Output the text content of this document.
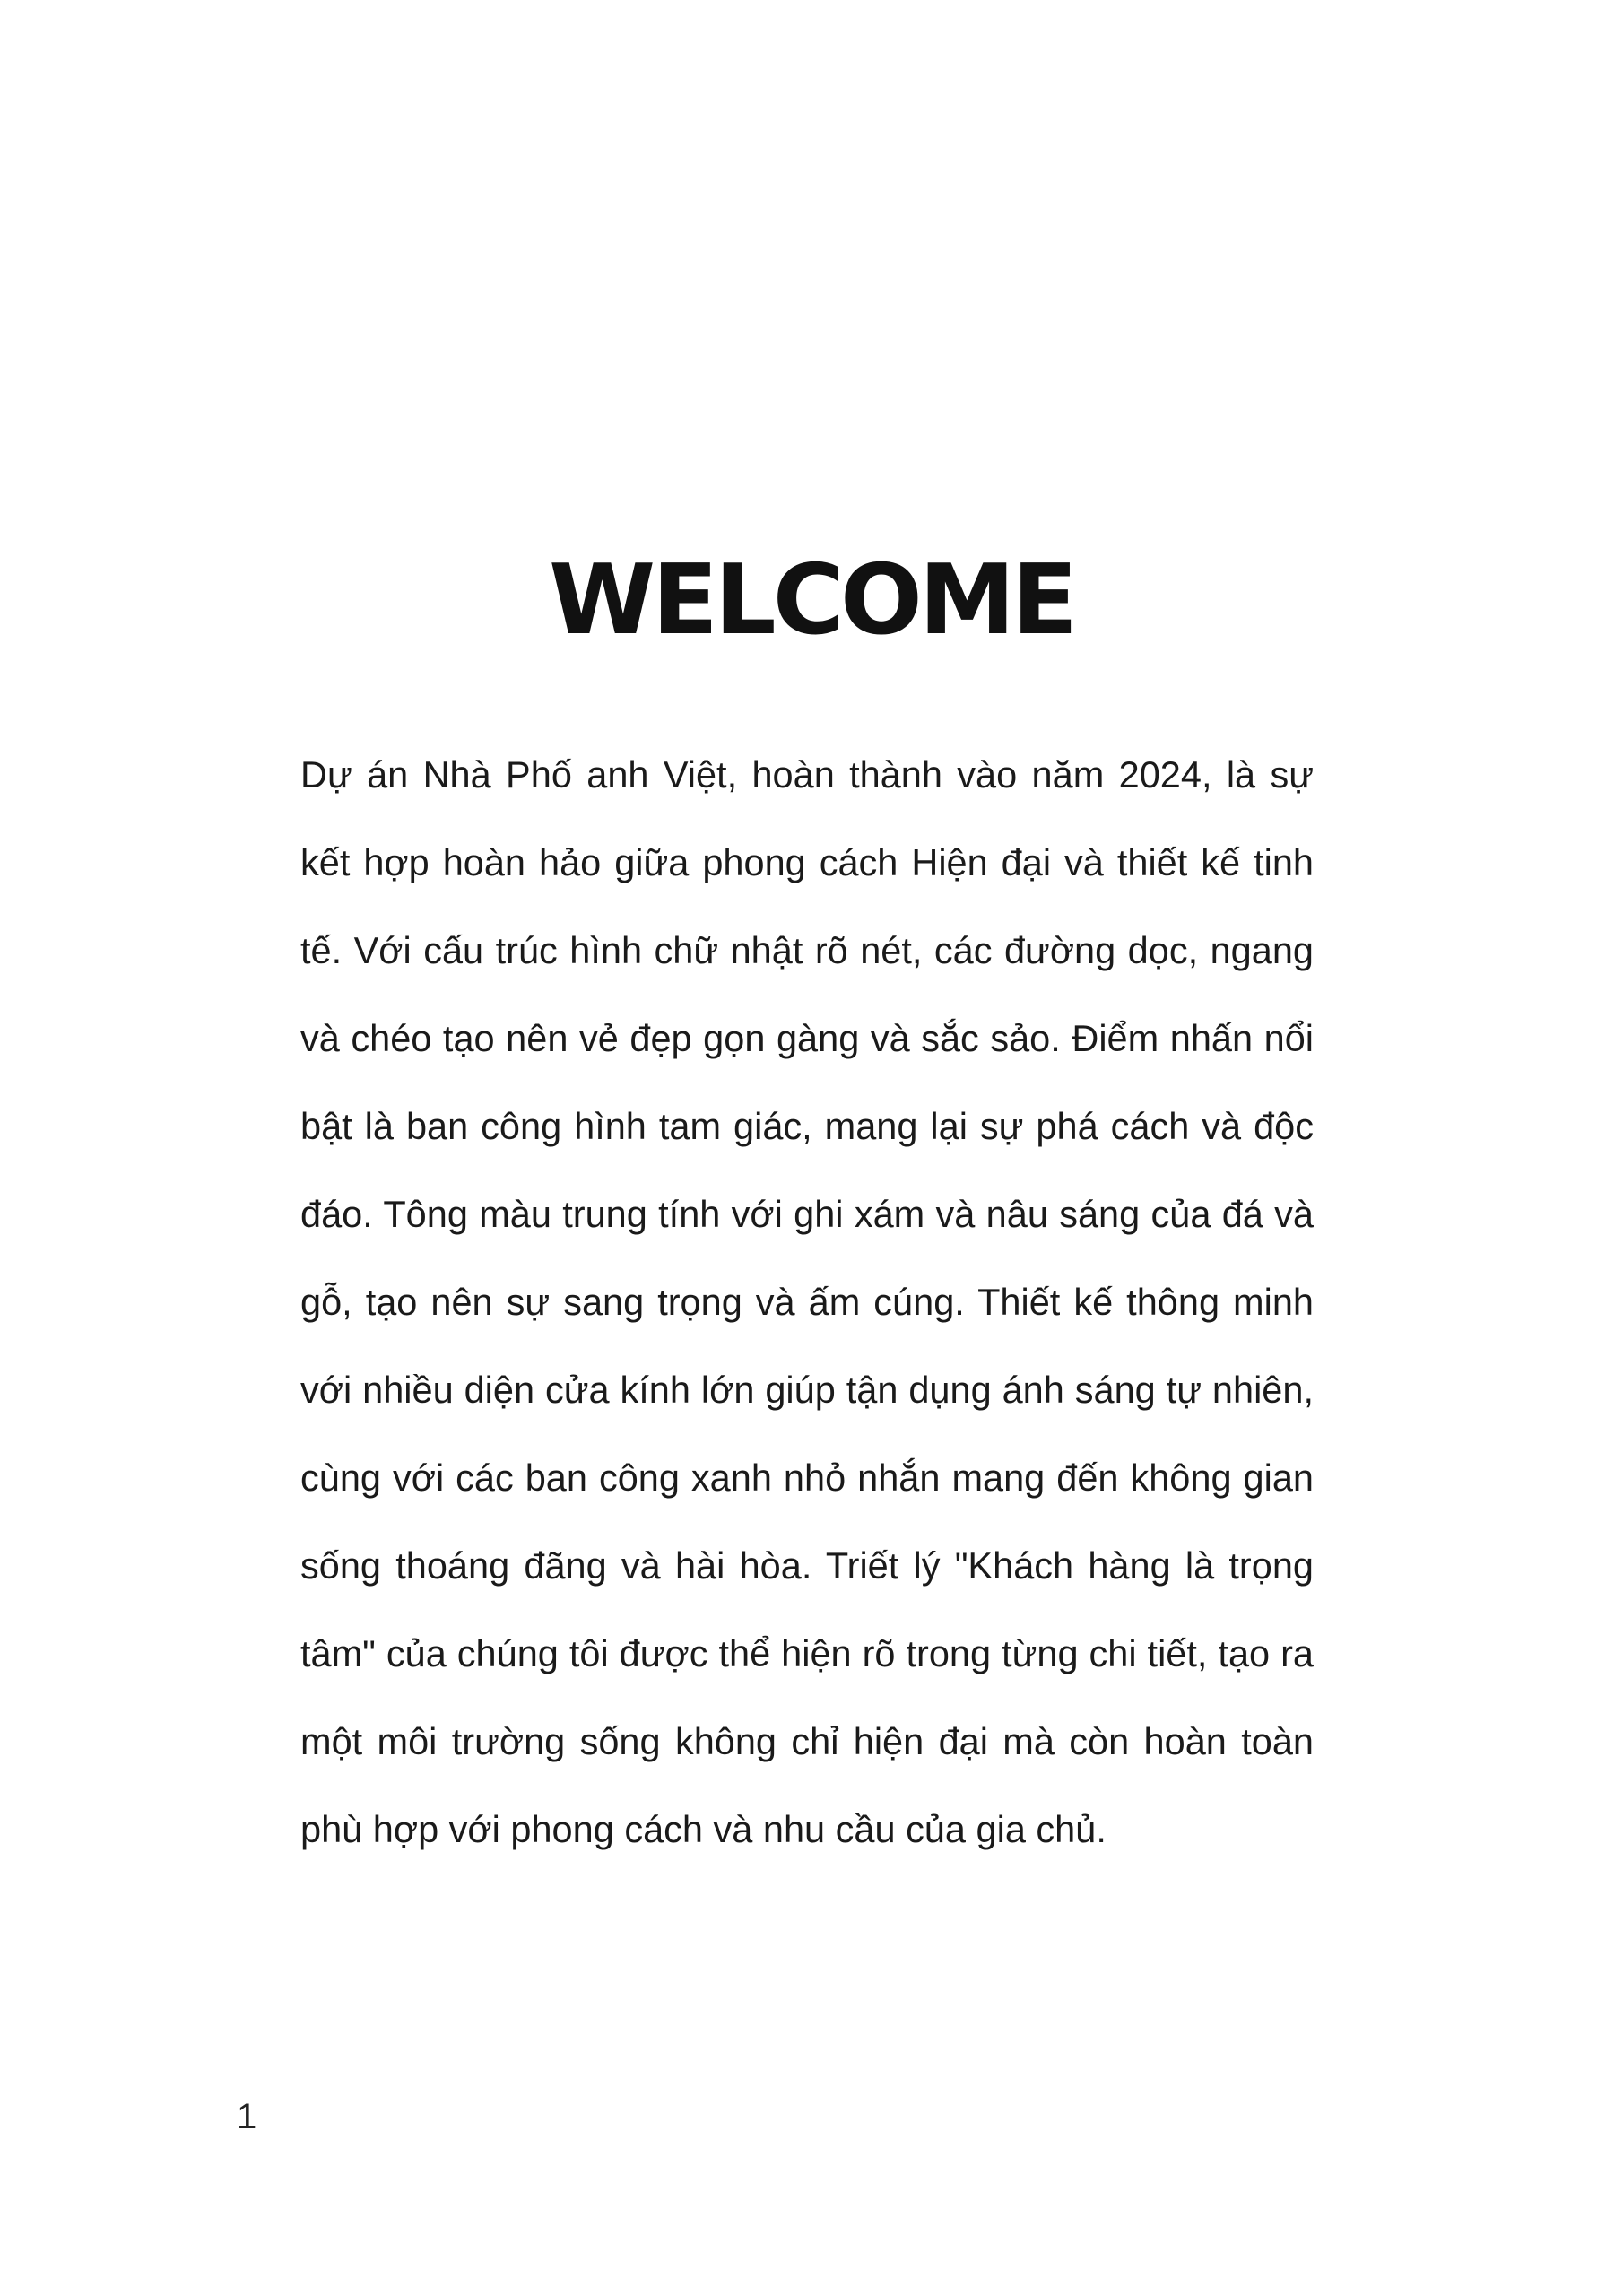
WELCOME

Dự án Nhà Phố anh Việt, hoàn thành vào năm 2024, là sự kết hợp hoàn hảo giữa phong cách Hiện đại và thiết kế tinh tế. Với cấu trúc hình chữ nhật rõ nét, các đường dọc, ngang và chéo tạo nên vẻ đẹp gọn gàng và sắc sảo. Điểm nhấn nổi bật là ban công hình tam giác, mang lại sự phá cách và độc đáo. Tông màu trung tính với ghi xám và nâu sáng của đá và gỗ, tạo nên sự sang trọng và ấm cúng. Thiết kế thông minh với nhiều diện cửa kính lớn giúp tận dụng ánh sáng tự nhiên, cùng với các ban công xanh nhỏ nhắn mang đến không gian sống thoáng đãng và hài hòa. Triết lý "Khách hàng là trọng tâm" của chúng tôi được thể hiện rõ trong từng chi tiết, tạo ra một môi trường sống không chỉ hiện đại mà còn hoàn toàn phù hợp với phong cách và nhu cầu của gia chủ.

1
